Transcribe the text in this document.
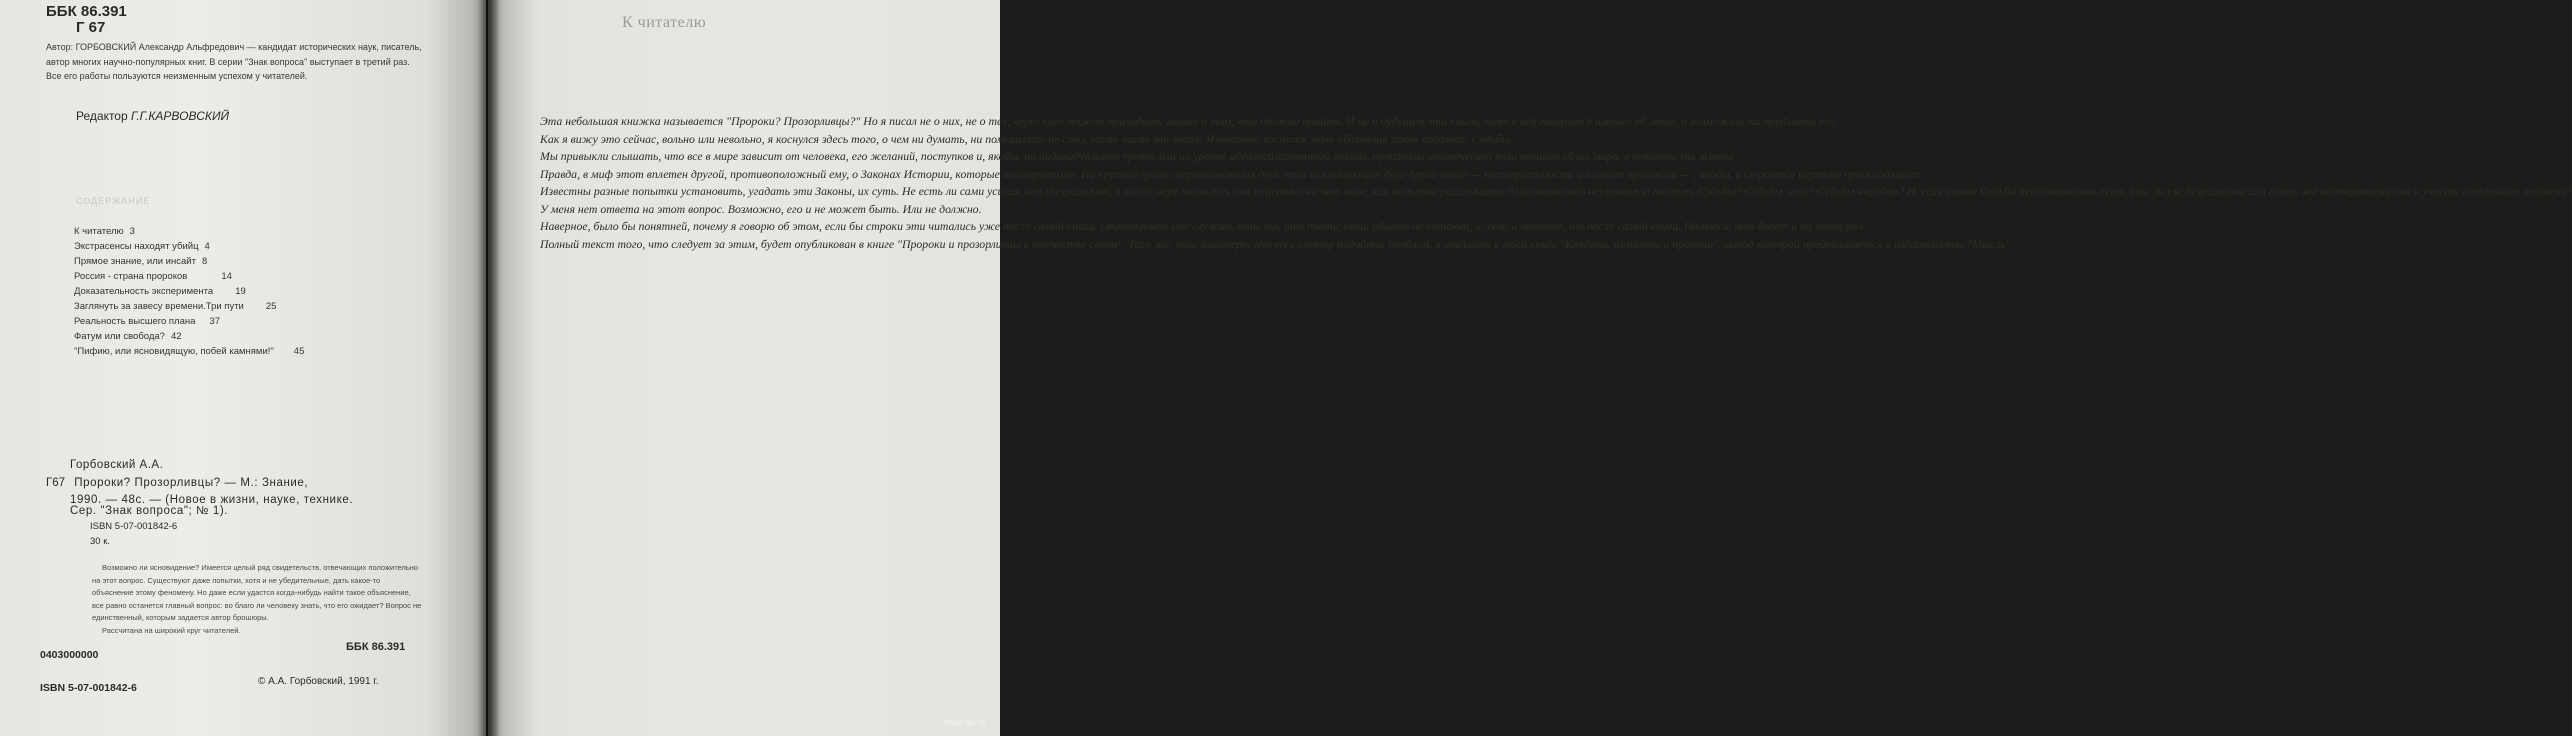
ББК 86.391
Г 67
Автор: ГОРБОВСКИЙ Александр Альфредович — кандидат исторических наук, писатель, автор многих научно-популярных книг. В серии "Знак вопроса" выступает в третий раз. Все его работы пользуются неизменным успехом у читателей.
Редактор Г.Г.КАРВОВСКИЙ
СОДЕРЖАНИЕ
К читателю 3
Экстрасенсы находят убийц 4
Прямое знание, или инсайт 8
Россия - страна пророков	14
Доказательность эксперимента 19
Заглянуть за завесу времени.Три пути 25
Реальность высшего плана 37
Фатум или свобода? 42
"Пифию, или ясновидящую, побей камнями!" 45
Горбовский А.А.
Г67 Пророки? Прозорливцы? — М.: Знание,
1990. — 48с. — (Новое в жизни, науке, технике.
Сер. "Знак вопроса"; № 1).
ISBN 5-07-001842-6
30 к.
Возможно ли ясновидение? Имеется целый ряд свидетельств, отвечающих положительно на этот вопрос. Существуют даже попытки, хотя и не убедительные, дать какое-то объяснение этому феномену. Но даже если удастся когда-нибудь найти такое объяснение, все равно останется главный вопрос: во благо ли человеку знать, что его ожидает? Вопрос не единственный, которым задается автор брошюры.
Рассчитана на широкий круг читателей.
ББК 86.391
0403000000
ISBN 5-07-001842-6
© А.А. Горбовский, 1991 г.
К читателю

Эта небольшая книжка называется "Пророки? Прозорливцы?" Но я писал не о них, не о тех, через кого может приходить знание о том, что должно прийти. И не о будущем эта книга, хотя в ней говорится именно об этом, о возможности предзнать его.

Как я вижу это сейчас, вольно или невольно, я коснулся здесь того, о чем ни думать, ни помышлять не смел, когда писал эту книгу. Я невольно коснулся, едва обозначив этот предмет, Судьбы.

Мы привыкли слышать, что все в мире зависит от человека, его желаний, поступков и, якобы, на индивидуальном уровне или на уровне идеологизированной толпы, произволы человеческой воли вершат облик мира, в котором мы живем.

Правда, в миф этот вплетен другой, противоположный ему, о Законах Истории, которые неотвратимы. На хрупкой грани соприкосновения двух этих исключающих друг-друга начал — неотвратимости и полного произвола — , якобы, и строится картина происходящего.

Известны разные попытки установить, угадать эти Законы, их суть. Не есть ли сами усилия эти,(безразлично, в какой мере оказались они тщетны) ни что иное, как попытки расслышать действительно неумолимую поступь Судьбы? Судьбы эпох? Судьбы народов? И, если такая Судьба действительно есть, так ли уж безразлична или столь же неотвратима она к участи отдельного человека?

У меня нет ответа на этот вопрос. Возможно, его и не может быть. Или не должно.

Наверное, было бы понятней, почему я говорю об этом, если бы строки эти читались уже после самой книги. Оправданием мне служит лишь то, что предисловий обычно не читают, а, если и читают, то после самой книги. Надеюсь, так будет и на этот раз.

Полный текст того, что следует за этим, будет опубликован в книге "Пророки и прозорливцы в отечестве своем". Того же, кого заинтересует весь спектр подобных проблем, я отсылаю к моей книге "Колдуны, целители и пророки", выход которой предполагается в издательстве "Мысль".

www.ay.by
